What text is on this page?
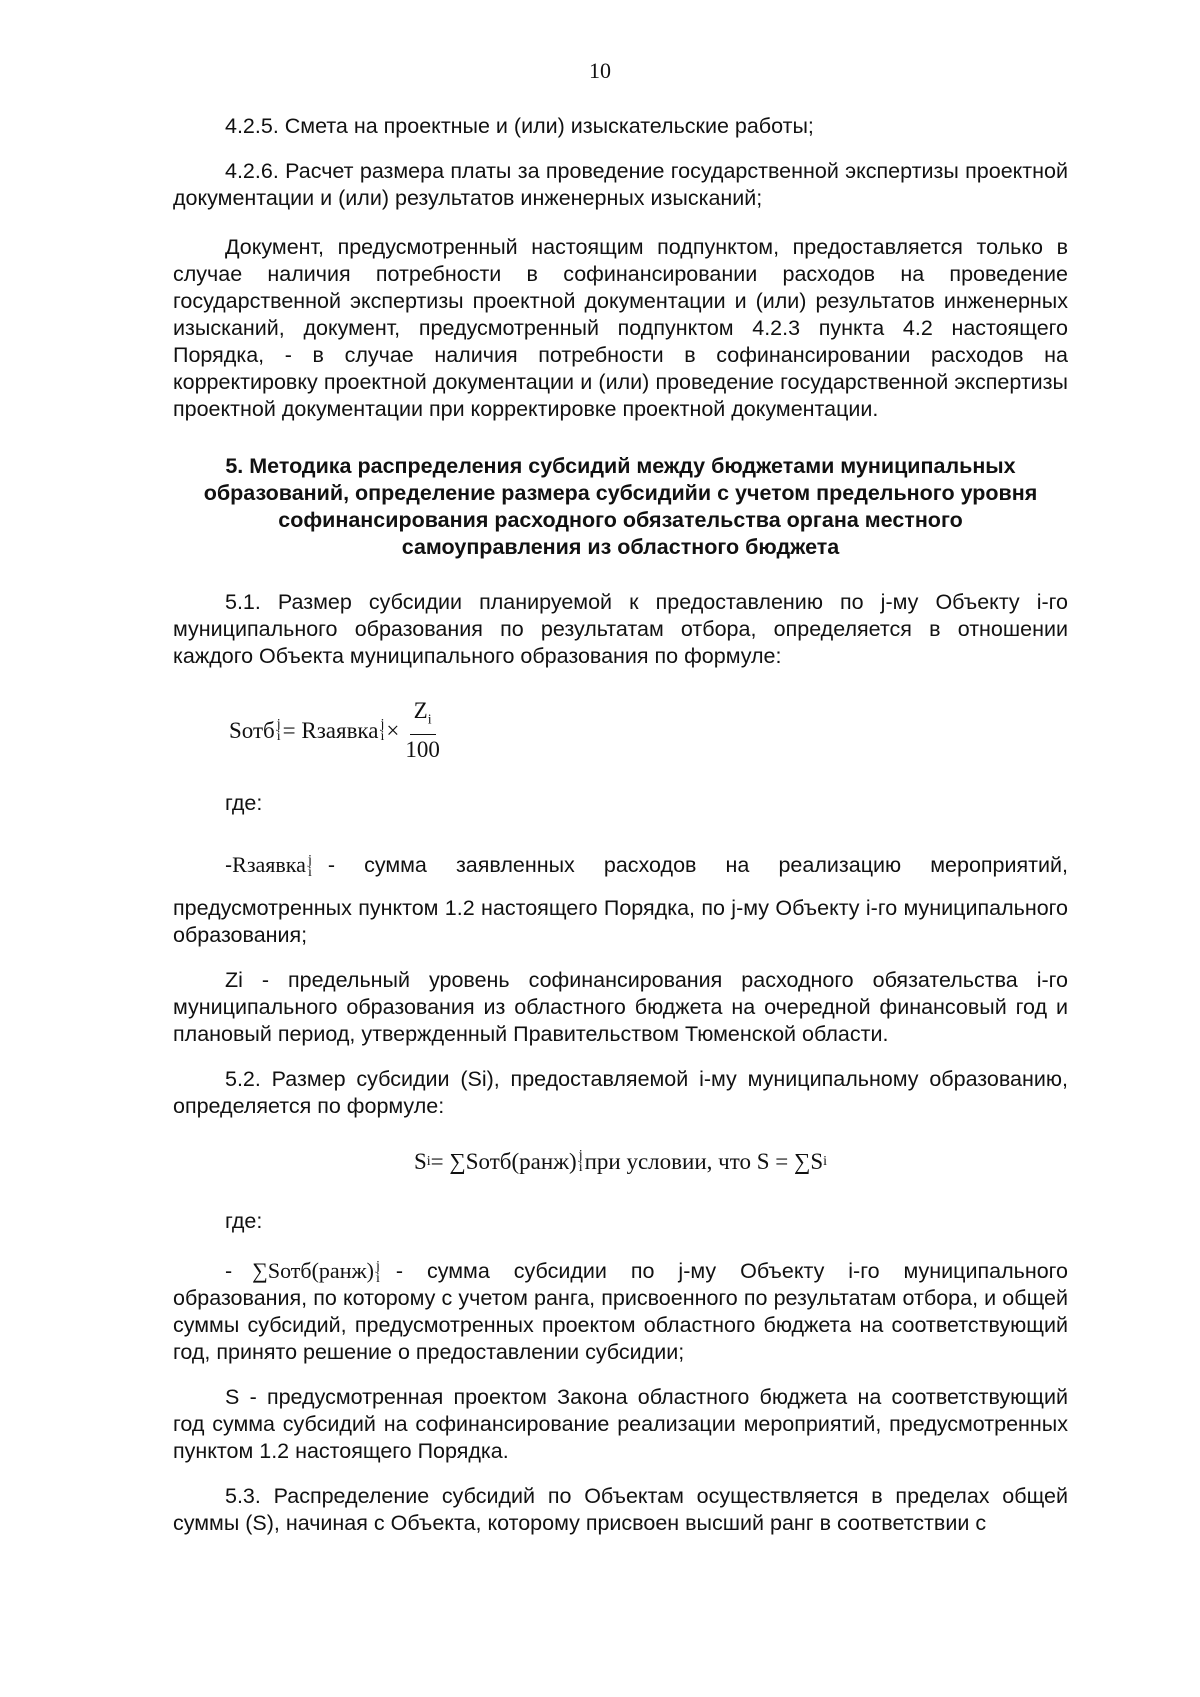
10

4.2.5. Смета на проектные и (или) изыскательские работы;

4.2.6. Расчет размера платы за проведение государственной экспертизы проектной документации и (или) результатов инженерных изысканий;

Документ, предусмотренный настоящим подпунктом, предоставляется только в случае наличия потребности в софинансировании расходов на проведение государственной экспертизы проектной документации и (или) результатов инженерных изысканий, документ, предусмотренный подпунктом 4.2.3 пункта 4.2 настоящего Порядка, - в случае наличия потребности в софинансировании расходов на корректировку проектной документации и (или) проведение государственной экспертизы проектной документации при корректировке проектной документации.

5. Методика распределения субсидий между бюджетами муниципальных
образований, определение размера субсидийи с учетом предельного уровня
софинансирования расходного обязательства органа местного
самоуправления из областного бюджета

5.1. Размер субсидии планируемой к предоставлению по j-му Объекту i-го муниципального образования по результатам отбора, определяется в отношении каждого Объекта муниципального образования по формуле:

Sотб j
i = Rзаявка j
$i \times \frac{Z_i}{100}$

где:

- Rзаявка j
i - сумма заявленных расходов на реализацию мероприятий,

предусмотренных пунктом 1.2 настоящего Порядка, по j-му Объекту i-го муниципального образования;

Zi - предельный уровень софинансирования расходного обязательства i-го муниципального образования из областного бюджета на очередной финансовый год и плановый период, утвержденный Правительством Тюменской области.

5.2. Размер субсидии (Si), предоставляемой i-му муниципальному образованию, определяется по формуле:

S i = ∑Sотб(ранж) j
i при условии, что S = ∑S i

где:

- ∑Sотб(ранж) j
i - сумма субсидии по j-му Объекту i-го муниципального

образования, по которому с учетом ранга, присвоенного по результатам отбора, и общей суммы субсидий, предусмотренных проектом областного бюджета на соответствующий год, принято решение о предоставлении субсидии;

S - предусмотренная проектом Закона областного бюджета на соответствующий год сумма субсидий на софинансирование реализации мероприятий, предусмотренных пунктом 1.2 настоящего Порядка.

5.3. Распределение субсидий по Объектам осуществляется в пределах общей суммы (S), начиная с Объекта, которому присвоен высший ранг в соответствии с
